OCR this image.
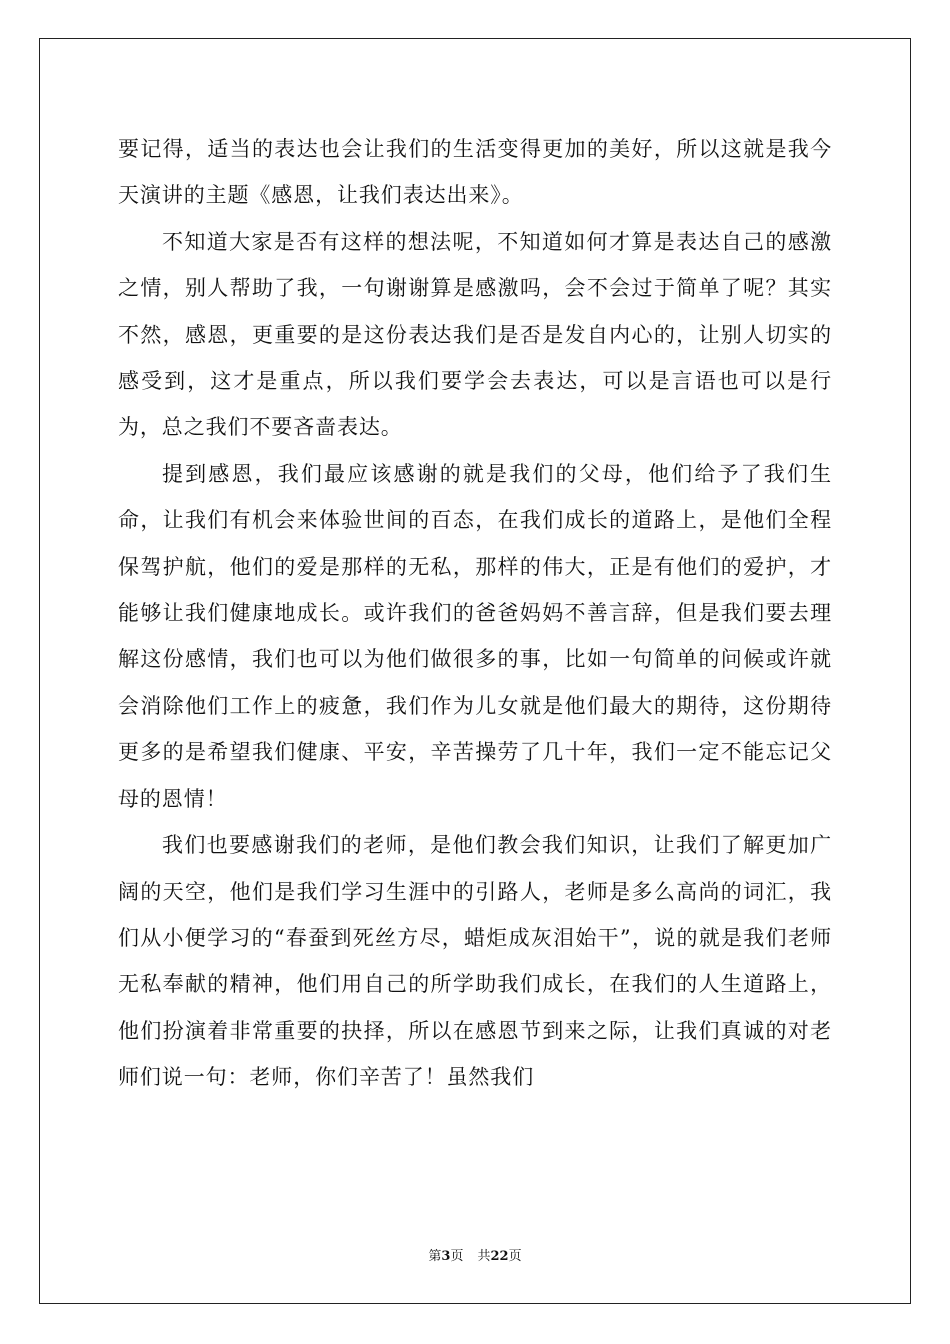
要记得，适当的表达也会让我们的生活变得更加的美好，所以这就是我今天演讲的主题《感恩，让我们表达出来》。

不知道大家是否有这样的想法呢，不知道如何才算是表达自己的感激之情，别人帮助了我，一句谢谢算是感激吗，会不会过于简单了呢？其实不然，感恩，更重要的是这份表达我们是否是发自内心的，让别人切实的感受到，这才是重点，所以我们要学会去表达，可以是言语也可以是行为，总之我们不要吝啬表达。

提到感恩，我们最应该感谢的就是我们的父母，他们给予了我们生命，让我们有机会来体验世间的百态，在我们成长的道路上，是他们全程保驾护航，他们的爱是那样的无私，那样的伟大，正是有他们的爱护，才能够让我们健康地成长。或许我们的爸爸妈妈不善言辞，但是我们要去理解这份感情，我们也可以为他们做很多的事，比如一句简单的问候或许就会消除他们工作上的疲惫，我们作为儿女就是他们最大的期待，这份期待更多的是希望我们健康、平安，辛苦操劳了几十年，我们一定不能忘记父母的恩情！

我们也要感谢我们的老师，是他们教会我们知识，让我们了解更加广阔的天空，他们是我们学习生涯中的引路人，老师是多么高尚的词汇，我们从小便学习的“春蚕到死丝方尽，蜡炬成灰泪始干”，说的就是我们老师无私奉献的精神，他们用自己的所学助我们成长，在我们的人生道路上，他们扮演着非常重要的抉择，所以在感恩节到来之际，让我们真诚的对老师们说一句：老师，你们辛苦了！虽然我们

第3页 共22页
